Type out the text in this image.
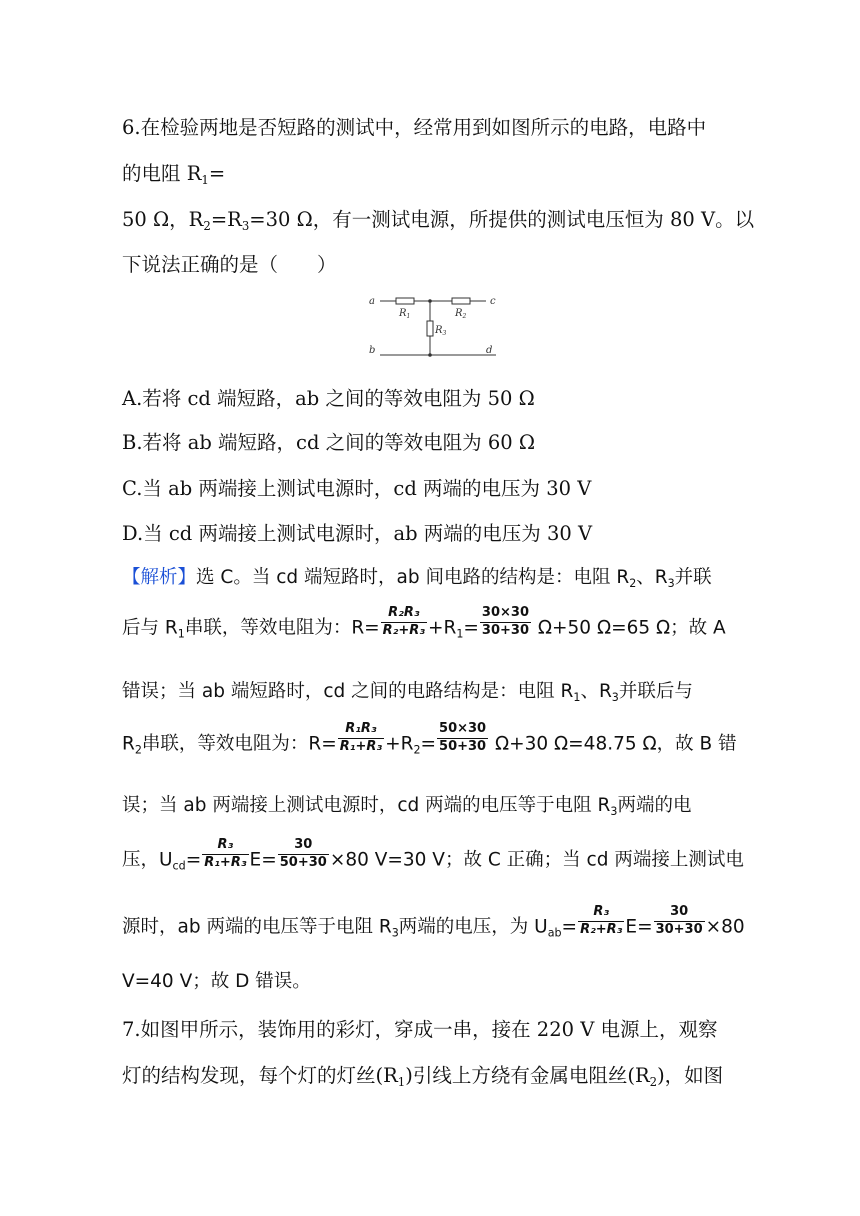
6.在检验两地是否短路的测试中，经常用到如图所示的电路，电路中
的电阻 $R_1=$
50 Ω，$R_2=R_3=30$ Ω，有一测试电源，所提供的测试电压恒为 80 V。以
下说法正确的是（　　）
a
b
c
d
$R_1$	$R_2$
$R_3$
A.若将 cd 端短路，ab 之间的等效电阻为 50 Ω
B.若将 ab 端短路，cd 之间的等效电阻为 60 Ω
C.当 ab 两端接上测试电源时，cd 两端的电压为 30 V
D.当 cd 两端接上测试电源时，ab 两端的电压为 30 V
【解析】选 C。当 cd 端短路时，ab 间电路的结构是：电阻 $R_2$、$R_3$并联
后与 $R_1$串联，等效电阻为：$R= \frac{\text{R₂R₃}}{\text{R₂+R₃}} +R_1= \frac{30\times 30}{30+30} \Omega+50$ Ω=65 Ω；故 A
错误；当 ab 端短路时，cd 之间的电路结构是：电阻 $R_1$、$R_3$并联后与
$R_2$串联，等效电阻为：$R= \frac{\text{R₁R₃}}{\text{R₁+R₃}} +R_2= \frac{50\times 30}{50+30} \Omega+30$ Ω=48.75 Ω，故 B 错
误；当 ab 两端接上测试电源时，cd 两端的电压等于电阻 $R_3$两端的电
压，$U_{cd}= \frac{\text{R₃}}{\text{R₁+R₃}} E= \frac{30}{50+30} \times 80$ V=30 V；故 C 正确；当 cd 两端接上测试电
源时，ab 两端的电压等于电阻 $R_3$两端的电压，为 $U_{ab}= \frac{\text{R₃}}{\text{R₂+R₃}} E= \frac{30}{30+30} \times 80$
V=40 V；故 D 错误。
7.如图甲所示，装饰用的彩灯，穿成一串，接在 220 V 电源上，观察
灯的结构发现，每个灯的灯丝$(R_1)$引线上方绕有金属电阻丝$(R_2)$，如图
